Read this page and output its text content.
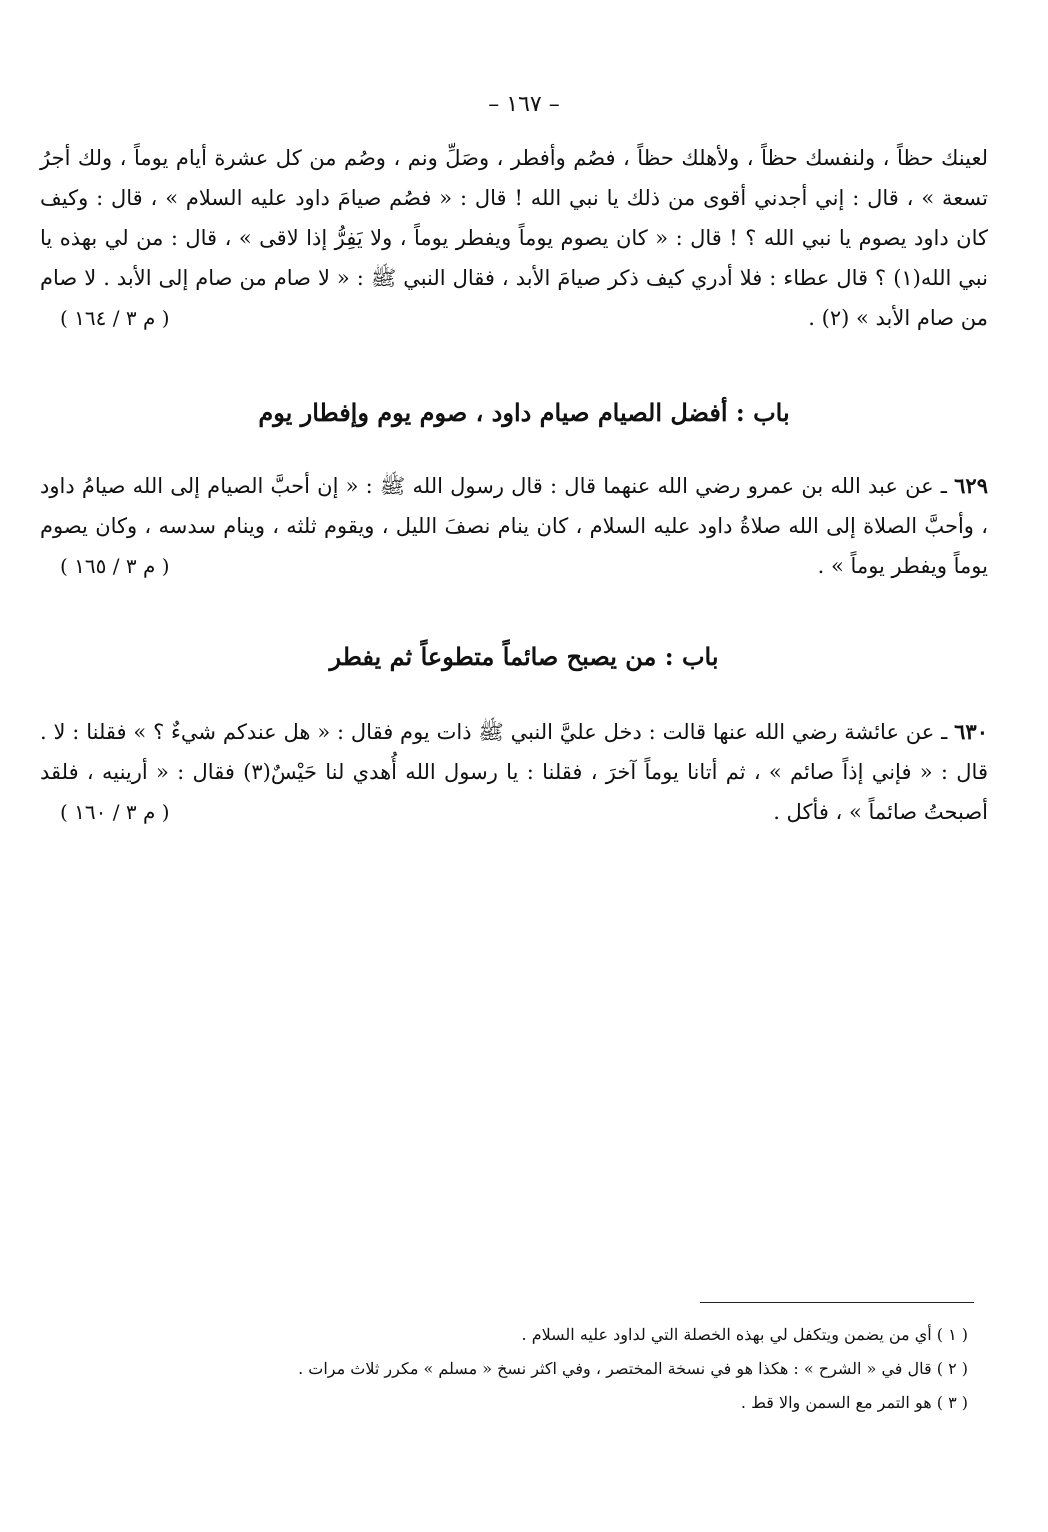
– ١٦٧ –
لعينك حظاً ، ولنفسك حظاً ، ولأهلك حظاً ، فصُم وأفطر ، وصَلِّ ونم ، وصُم من كل عشرة أيام يوماً ، ولك أجرُ تسعة » ، قال : إني أجدني أقوى من ذلك يا نبي الله ! قال : « فصُم صيامَ داود عليه السلام » ، قال : وكيف كان داود يصوم يا نبي الله ؟ ! قال : « كان يصوم يوماً ويفطر يوماً ، ولا يَفِرُّ إذا لاقى » ، قال : من لي بهذه يا نبي الله(١) ؟ قال عطاء : فلا أدري كيف ذكر صيامَ الأبد ، فقال النبي ﷺ : « لا صام من صام إلى الأبد . لا صام من صام الأبد » (٢) .
( م ٣ / ١٦٤ )
باب : أفضل الصيام صيام داود ، صوم يوم وإفطار يوم
٦٢٩ ـ عن عبد الله بن عمرو رضي الله عنهما قال : قال رسول الله ﷺ : « إن أحبَّ الصيام إلى الله صيامُ داود ، وأحبَّ الصلاة إلى الله صلاةُ داود عليه السلام ، كان ينام نصفَ الليل ، ويقوم ثلثه ، وينام سدسه ، وكان يصوم يوماً ويفطر يوماً » .
( م ٣ / ١٦٥ )
باب : من يصبح صائماً متطوعاً ثم يفطر
٦٣٠ ـ عن عائشة رضي الله عنها قالت : دخل عليَّ النبي ﷺ ذات يوم فقال : « هل عندكم شيءٌ ؟ » فقلنا : لا . قال : « فإني إذاً صائم » ، ثم أتانا يوماً آخرَ ، فقلنا : يا رسول الله أُهدي لنا حَيْسٌ(٣) فقال : « أرينيه ، فلقد أصبحتُ صائماً » ، فأكل .
( م ٣ / ١٦٠ )

( ١ ) أي من يضمن ويتكفل لي بهذه الخصلة التي لداود عليه السلام .

( ٢ ) قال في « الشرح » : هكذا هو في نسخة المختصر ، وفي اكثر نسخ « مسلم » مكرر ثلاث مرات .

( ٣ ) هو التمر مع السمن والا قط .
